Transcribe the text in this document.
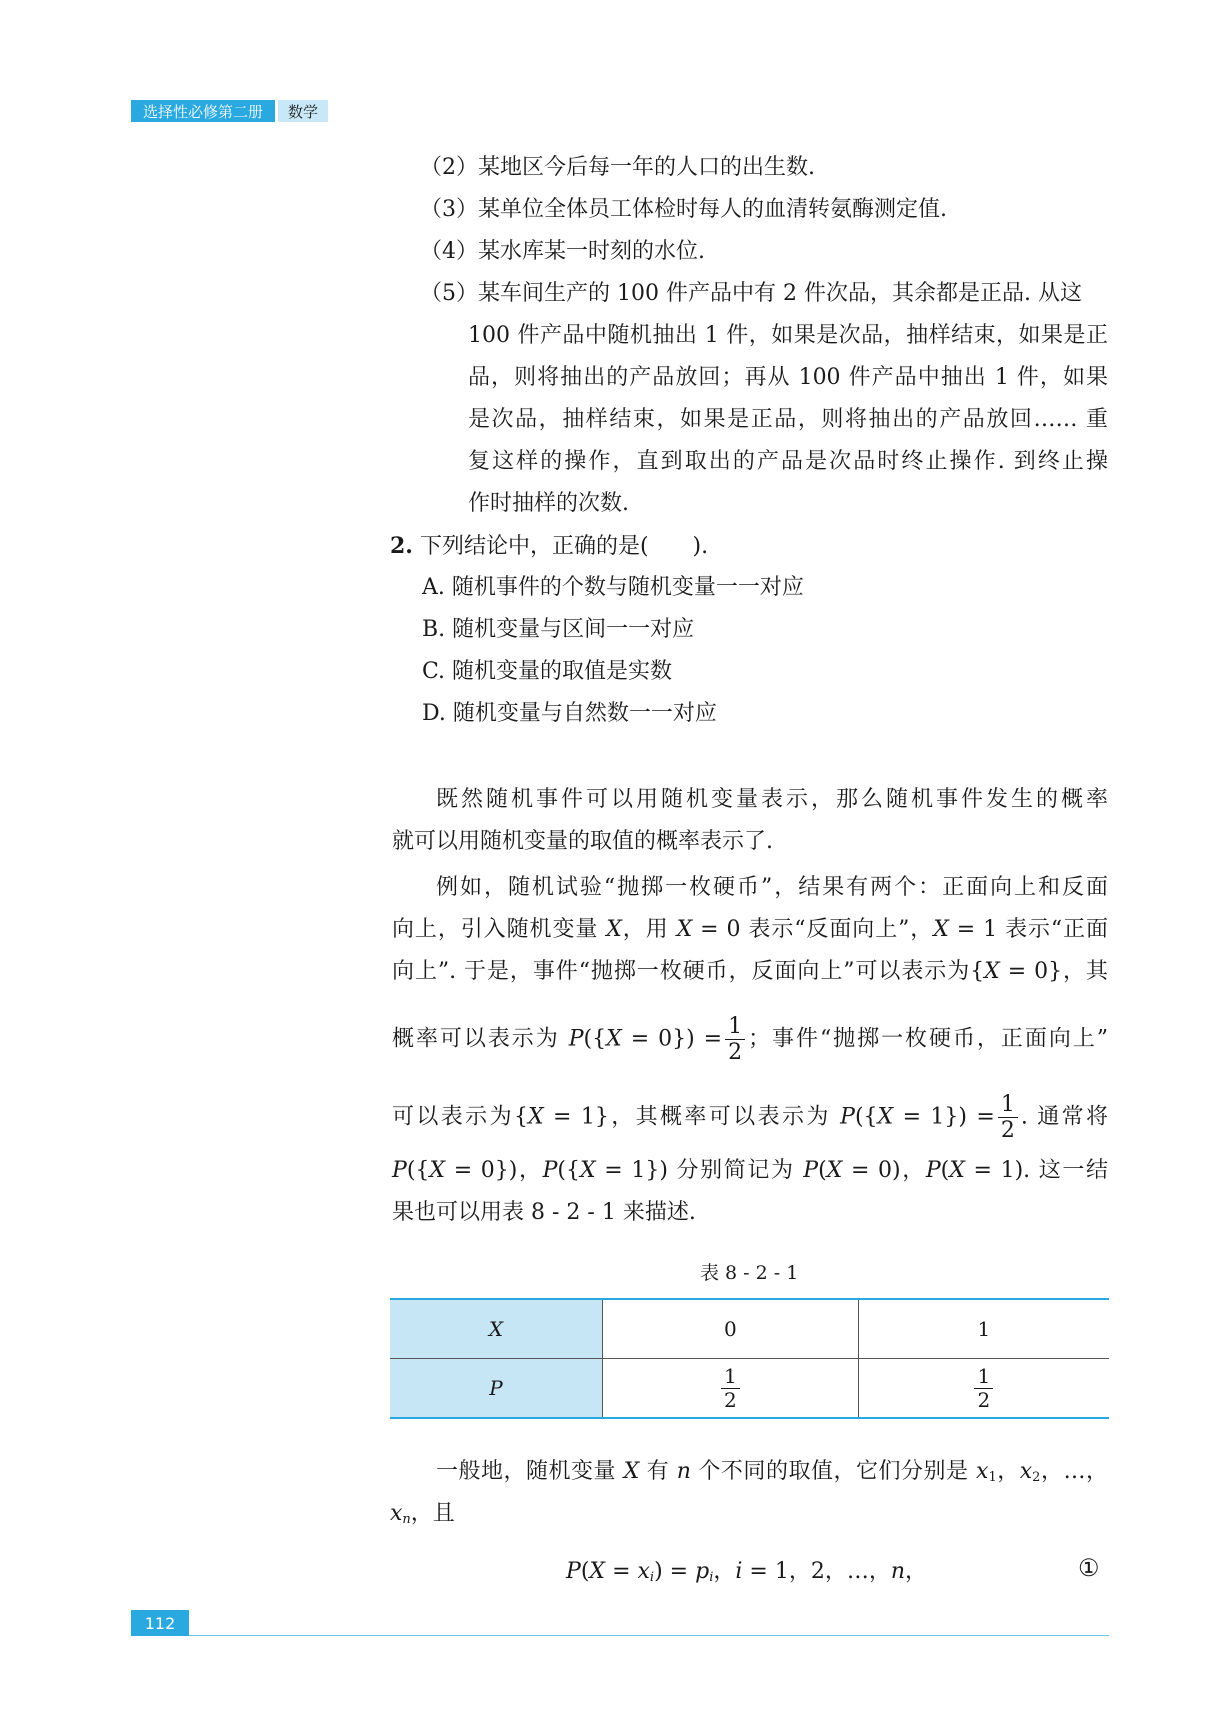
选择性必修第二册	数学
（2）某地区今后每一年的人口的出生数.
（3）某单位全体员工体检时每人的血清转氨酶测定值.
（4）某水库某一时刻的水位.
（5）某车间生产的 100 件产品中有 2 件次品，其余都是正品. 从这
100 件产品中随机抽出 1 件，如果是次品，抽样结束，如果是正
品，则将抽出的产品放回；再从 100 件产品中抽出 1 件，如果
是次品，抽样结束，如果是正品，则将抽出的产品放回…… 重
复这样的操作，直到取出的产品是次品时终止操作. 到终止操
作时抽样的次数.
2. 下列结论中，正确的是(　　).
A. 随机事件的个数与随机变量一一对应
B. 随机变量与区间一一对应
C. 随机变量的取值是实数
D. 随机变量与自然数一一对应
既然随机事件可以用随机变量表示，那么随机事件发生的概率
就可以用随机变量的取值的概率表示了.
例如，随机试验“抛掷一枚硬币”，结果有两个：正面向上和反面
向上，引入随机变量 X，用 X = 0 表示“反面向上”，X = 1 表示“正面
向上”. 于是，事件“抛掷一枚硬币，反面向上”可以表示为{X = 0}，其
概率可以表示为 $P(\{X = 0\}) = \frac{1}{2}$ ；事件“抛掷一枚硬币，正面向上”
可以表示为{X = 1}，其概率可以表示为 $P(\{X = 1\}) = \frac{1}{2}$ . 通常将
P({X = 0})，P({X = 1}) 分别简记为 P(X = 0)，P(X = 1). 这一结
果也可以用表 8 - 2 - 1 来描述.
表 8 - 2 - 1
X	0	1
P	$\frac{1}{2}$	$\frac{1}{2}$
一般地，随机变量 X 有 n 个不同的取值，它们分别是 $x_1$，$x_2$，…，
$x_n$，且
$P(X = x_i) = p_i$，i = 1，2，…，n，	①
112
